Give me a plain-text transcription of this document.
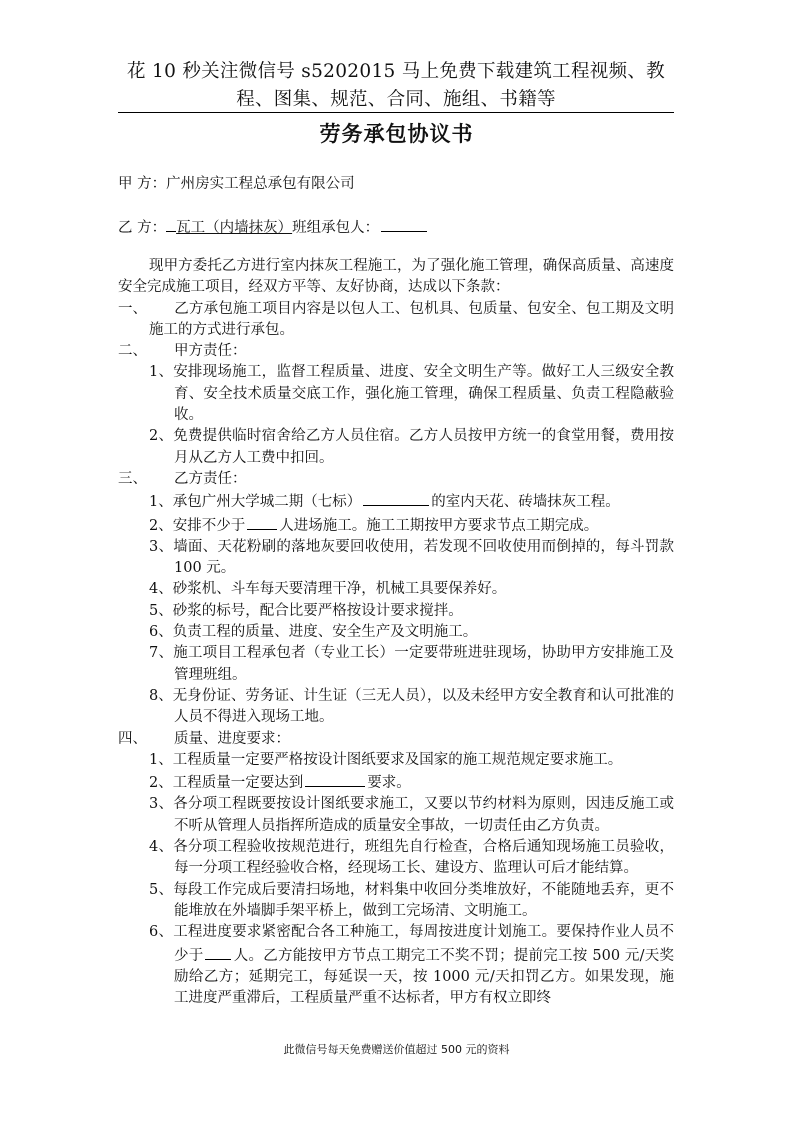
花 10 秒关注微信号 s5202015 马上免费下载建筑工程视频、教
程、图集、规范、合同、施组、书籍等
劳务承包协议书
甲 方：广州房实工程总承包有限公司
乙 方： 瓦工（内墙抹灰）班组承包人：

现甲方委托乙方进行室内抹灰工程施工，为了强化施工管理，确保高质量、高速度安全完成施工项目，经双方平等、友好协商，达成以下条款：

一、 乙方承包施工项目内容是以包人工、包机具、包质量、包安全、包工期及文明施工的方式进行承包。

二、 甲方责任：

1、安排现场施工，监督工程质量、进度、安全文明生产等。做好工人三级安全教育、安全技术质量交底工作，强化施工管理，确保工程质量、负责工程隐蔽验收。

2、免费提供临时宿舍给乙方人员住宿。乙方人员按甲方统一的食堂用餐，费用按月从乙方人工费中扣回。

三、 乙方责任：

1、承包广州大学城二期（七标）	的室内天花、砖墙抹灰工程。

2、安排不少于 人进场施工。施工工期按甲方要求节点工期完成。

3、墙面、天花粉刷的落地灰要回收使用，若发现不回收使用而倒掉的，每斗罚款 100 元。

4、砂浆机、斗车每天要清理干净，机械工具要保养好。

5、砂浆的标号，配合比要严格按设计要求搅拌。

6、负责工程的质量、进度、安全生产及文明施工。

7、施工项目工程承包者（专业工长）一定要带班进驻现场，协助甲方安排施工及管理班组。

8、无身份证、劳务证、计生证（三无人员），以及未经甲方安全教育和认可批准的人员不得进入现场工地。

四、 质量、进度要求：

1、工程质量一定要严格按设计图纸要求及国家的施工规范规定要求施工。

2、工程质量一定要达到	要求。

3、各分项工程既要按设计图纸要求施工，又要以节约材料为原则，因违反施工或不听从管理人员指挥所造成的质量安全事故，一切责任由乙方负责。

4、各分项工程验收按规范进行，班组先自行检查，合格后通知现场施工员验收，每一分项工程经验收合格，经现场工长、建设方、监理认可后才能结算。

5、每段工作完成后要清扫场地，材料集中收回分类堆放好，不能随地丢弃，更不能堆放在外墙脚手架平桥上，做到工完场清、文明施工。

6、工程进度要求紧密配合各工种施工，每周按进度计划施工。要保持作业人员不少于 人。乙方能按甲方节点工期完工不奖不罚；提前完工按 500 元/天奖励给乙方；延期完工，每延误一天，按 1000 元/天扣罚乙方。如果发现，施工进度严重滞后，工程质量严重不达标者，甲方有权立即终

此微信号每天免费赠送价值超过 500 元的资料
